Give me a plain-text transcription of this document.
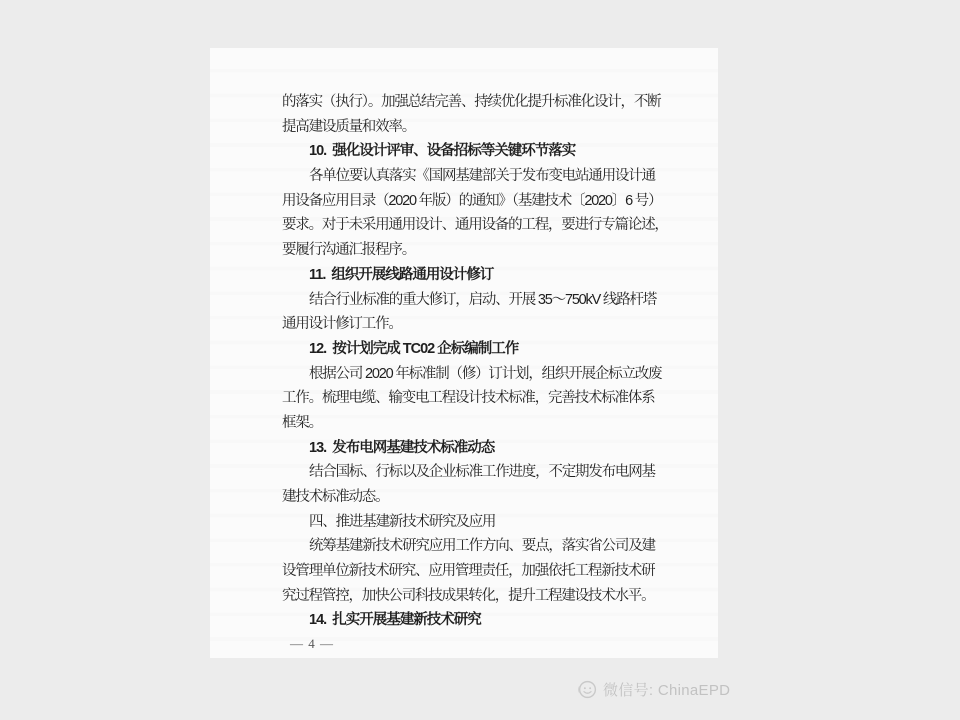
的落实（执行）。加强总结完善、持续优化提升标准化设计，不断
提高建设质量和效率。
10.  强化设计评审、设备招标等关键环节落实
各单位要认真落实《国网基建部关于发布变电站通用设计通
用设备应用目录（2020 年版）的通知》（基建技术〔2020〕6 号）
要求。对于未采用通用设计、通用设备的工程，要进行专篇论述，
要履行沟通汇报程序。
11.  组织开展线路通用设计修订
结合行业标准的重大修订，启动、开展 35～750kV 线路杆塔
通用设计修订工作。
12.  按计划完成 TC02 企标编制工作
根据公司 2020 年标准制（修）订计划，组织开展企标立改废
工作。梳理电缆、输变电工程设计技术标准，完善技术标准体系
框架。
13.  发布电网基建技术标准动态
结合国标、行标以及企业标准工作进度，不定期发布电网基
建技术标准动态。
四、推进基建新技术研究及应用
统筹基建新技术研究应用工作方向、要点，落实省公司及建
设管理单位新技术研究、应用管理责任，加强依托工程新技术研
究过程管控，加快公司科技成果转化，提升工程建设技术水平。
14.  扎实开展基建新技术研究
— 4 —
微信号: ChinaEPD
